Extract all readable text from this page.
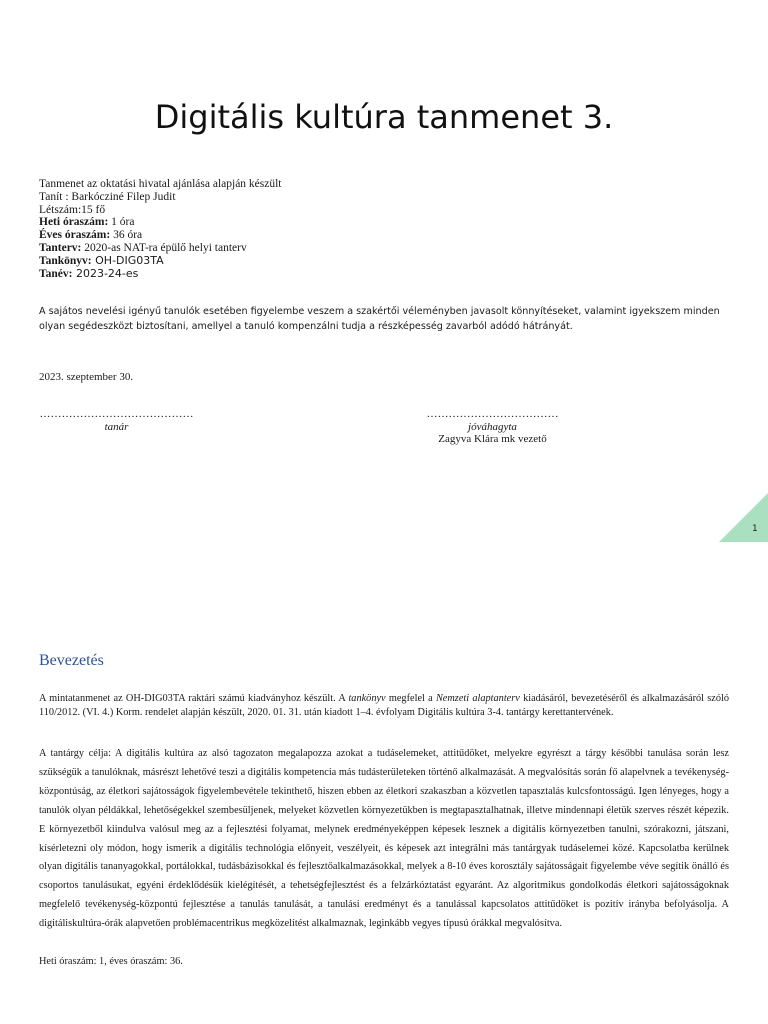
Digitális kultúra tanmenet 3.
Tanmenet az oktatási hivatal ajánlása alapján készült
Tanít : Barkócziné Filep Judit
Létszám:15 fő
Heti óraszám: 1 óra
Éves óraszám: 36 óra
Tanterv: 2020-as NAT-ra épülő helyi tanterv
Tankönyv: OH-DIG03TA
Tanév: 2023-24-es
A sajátos nevelési igényű tanulók esetében figyelembe veszem a szakértői véleményben javasolt könnyítéseket, valamint igyekszem minden olyan segédeszközt biztosítani, amellyel a tanuló kompenzálni tudja a részképesség zavarból adódó hátrányát.
2023. szeptember 30.
……………………………………
tanár
………………………………
jóváhagyta
Zagyva Klára mk vezető
1
Bevezetés
A mintatanmenet az OH-DIG03TA raktári számú kiadványhoz készült. A tankönyv megfelel a Nemzeti alaptanterv kiadásáról, bevezetéséről és alkalmazásáról szóló 110/2012. (VI. 4.) Korm. rendelet alapján készült, 2020. 01. 31. után kiadott 1–4. évfolyam Digitális kultúra 3-4. tantárgy kerettantervének.
A tantárgy célja: A digitális kultúra az alsó tagozaton megalapozza azokat a tudáselemeket, attitűdöket, melyekre egyrészt a tárgy későbbi tanulása során lesz szükségük a tanulóknak, másrészt lehetővé teszi a digitális kompetencia más tudásterületeken történő alkalmazását. A megvalósítás során fő alapelvnek a tevékenység-központúság, az életkori sajátosságok figyelembevétele tekinthető, hiszen ebben az életkori szakaszban a közvetlen tapasztalás kulcsfontosságú. Igen lényeges, hogy a tanulók olyan példákkal, lehetőségekkel szembesüljenek, melyeket közvetlen környezetükben is megtapasztalhatnak, illetve mindennapi életük szerves részét képezik. E környezetből kiindulva valósul meg az a fejlesztési folyamat, melynek eredményeképpen képesek lesznek a digitális környezetben tanulni, szórakozni, játszani, kísérletezni oly módon, hogy ismerik a digitális technológia előnyeit, veszélyeit, és képesek azt integrálni más tantárgyak tudáselemei közé. Kapcsolatba kerülnek olyan digitális tananyagokkal, portálokkal, tudásbázisokkal és fejlesztőalkalmazásokkal, melyek a 8-10 éves korosztály sajátosságait figyelembe véve segítik önálló és csoportos tanulásukat, egyéni érdeklődésük kielégítését, a tehetségfejlesztést és a felzárkóztatást egyaránt. Az algoritmikus gondolkodás életkori sajátosságoknak megfelelő tevékenység-központú fejlesztése a tanulás tanulását, a tanulási eredményt és a tanulással kapcsolatos attitűdöket is pozitív irányba befolyásolja. A digitáliskultúra-órák alapvetően problémacentrikus megközelítést alkalmaznak, leginkább vegyes típusú órákkal megvalósítva.
Heti óraszám: 1, éves óraszám: 36.
